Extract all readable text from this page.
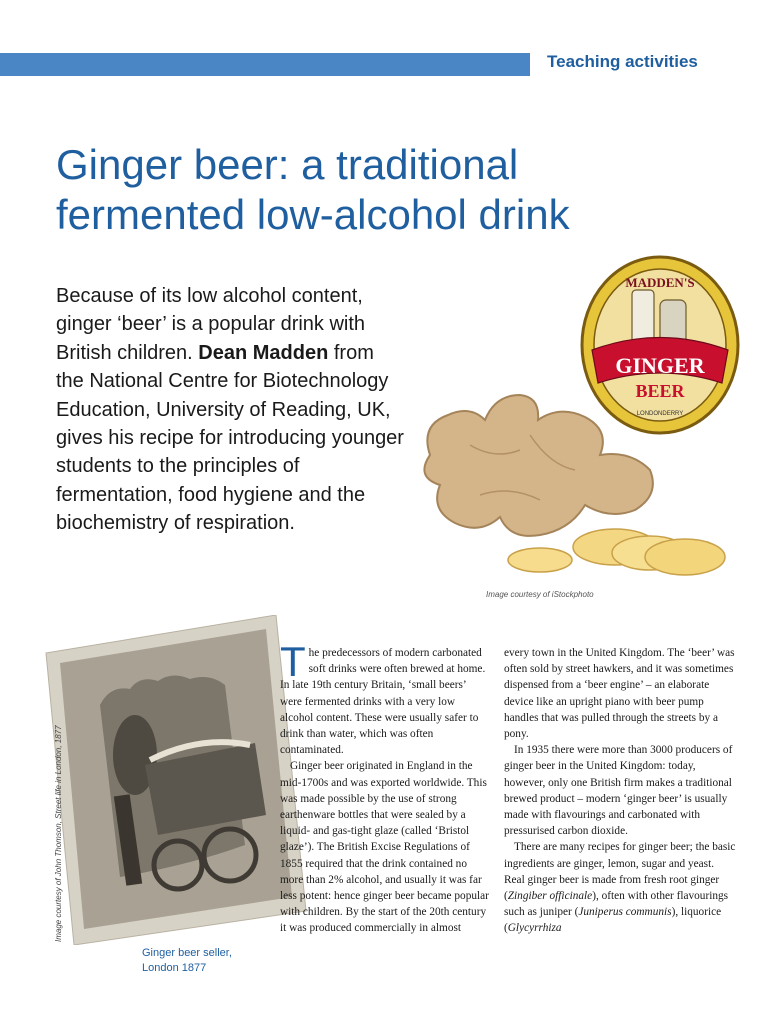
Teaching activities
Ginger beer: a traditional
fermented low-alcohol drink

Because of its low alcohol content, ginger ‘beer’ is a popular drink with British children. Dean Madden from the National Centre for Biotechnology Education, University of Reading, UK, gives his recipe for introducing younger students to the principles of fermentation, food hygiene and the biochemistry of respiration.

MADDEN'S
GINGER
BEER
LONDONDERRY
Image courtesy of iStockphoto
Image courtesy of John Thomson, Street life in London, 1877

Ginger beer seller, London 1877

The predecessors of modern carbonated soft drinks were often brewed at home. In late 19th century Britain, ‘small beers’ were fermented drinks with a very low alcohol content. These were usually safer to drink than water, which was often contaminated.

Ginger beer originated in England in the mid-1700s and was exported worldwide. This was made possible by the use of strong earthenware bottles that were sealed by a liquid- and gas-tight glaze (called ‘Bristol glaze’). The British Excise Regulations of 1855 required that the drink contained no more than 2% alcohol, and usually it was far less potent: hence ginger beer became popular with children. By the start of the 20th century it was produced commercially in almost

every town in the United Kingdom. The ‘beer’ was often sold by street hawkers, and it was sometimes dispensed from a ‘beer engine’ – an elaborate device like an upright piano with beer pump handles that was pulled through the streets by a pony.

In 1935 there were more than 3000 producers of ginger beer in the United Kingdom: today, however, only one British firm makes a traditional brewed product – modern ‘ginger beer’ is usually made with flavourings and carbonated with pressurised carbon dioxide.

There are many recipes for ginger beer; the basic ingredients are ginger, lemon, sugar and yeast. Real ginger beer is made from fresh root ginger (Zingiber officinale), often with other flavourings such as juniper (Juniperus communis), liquorice (Glycyrrhiza
